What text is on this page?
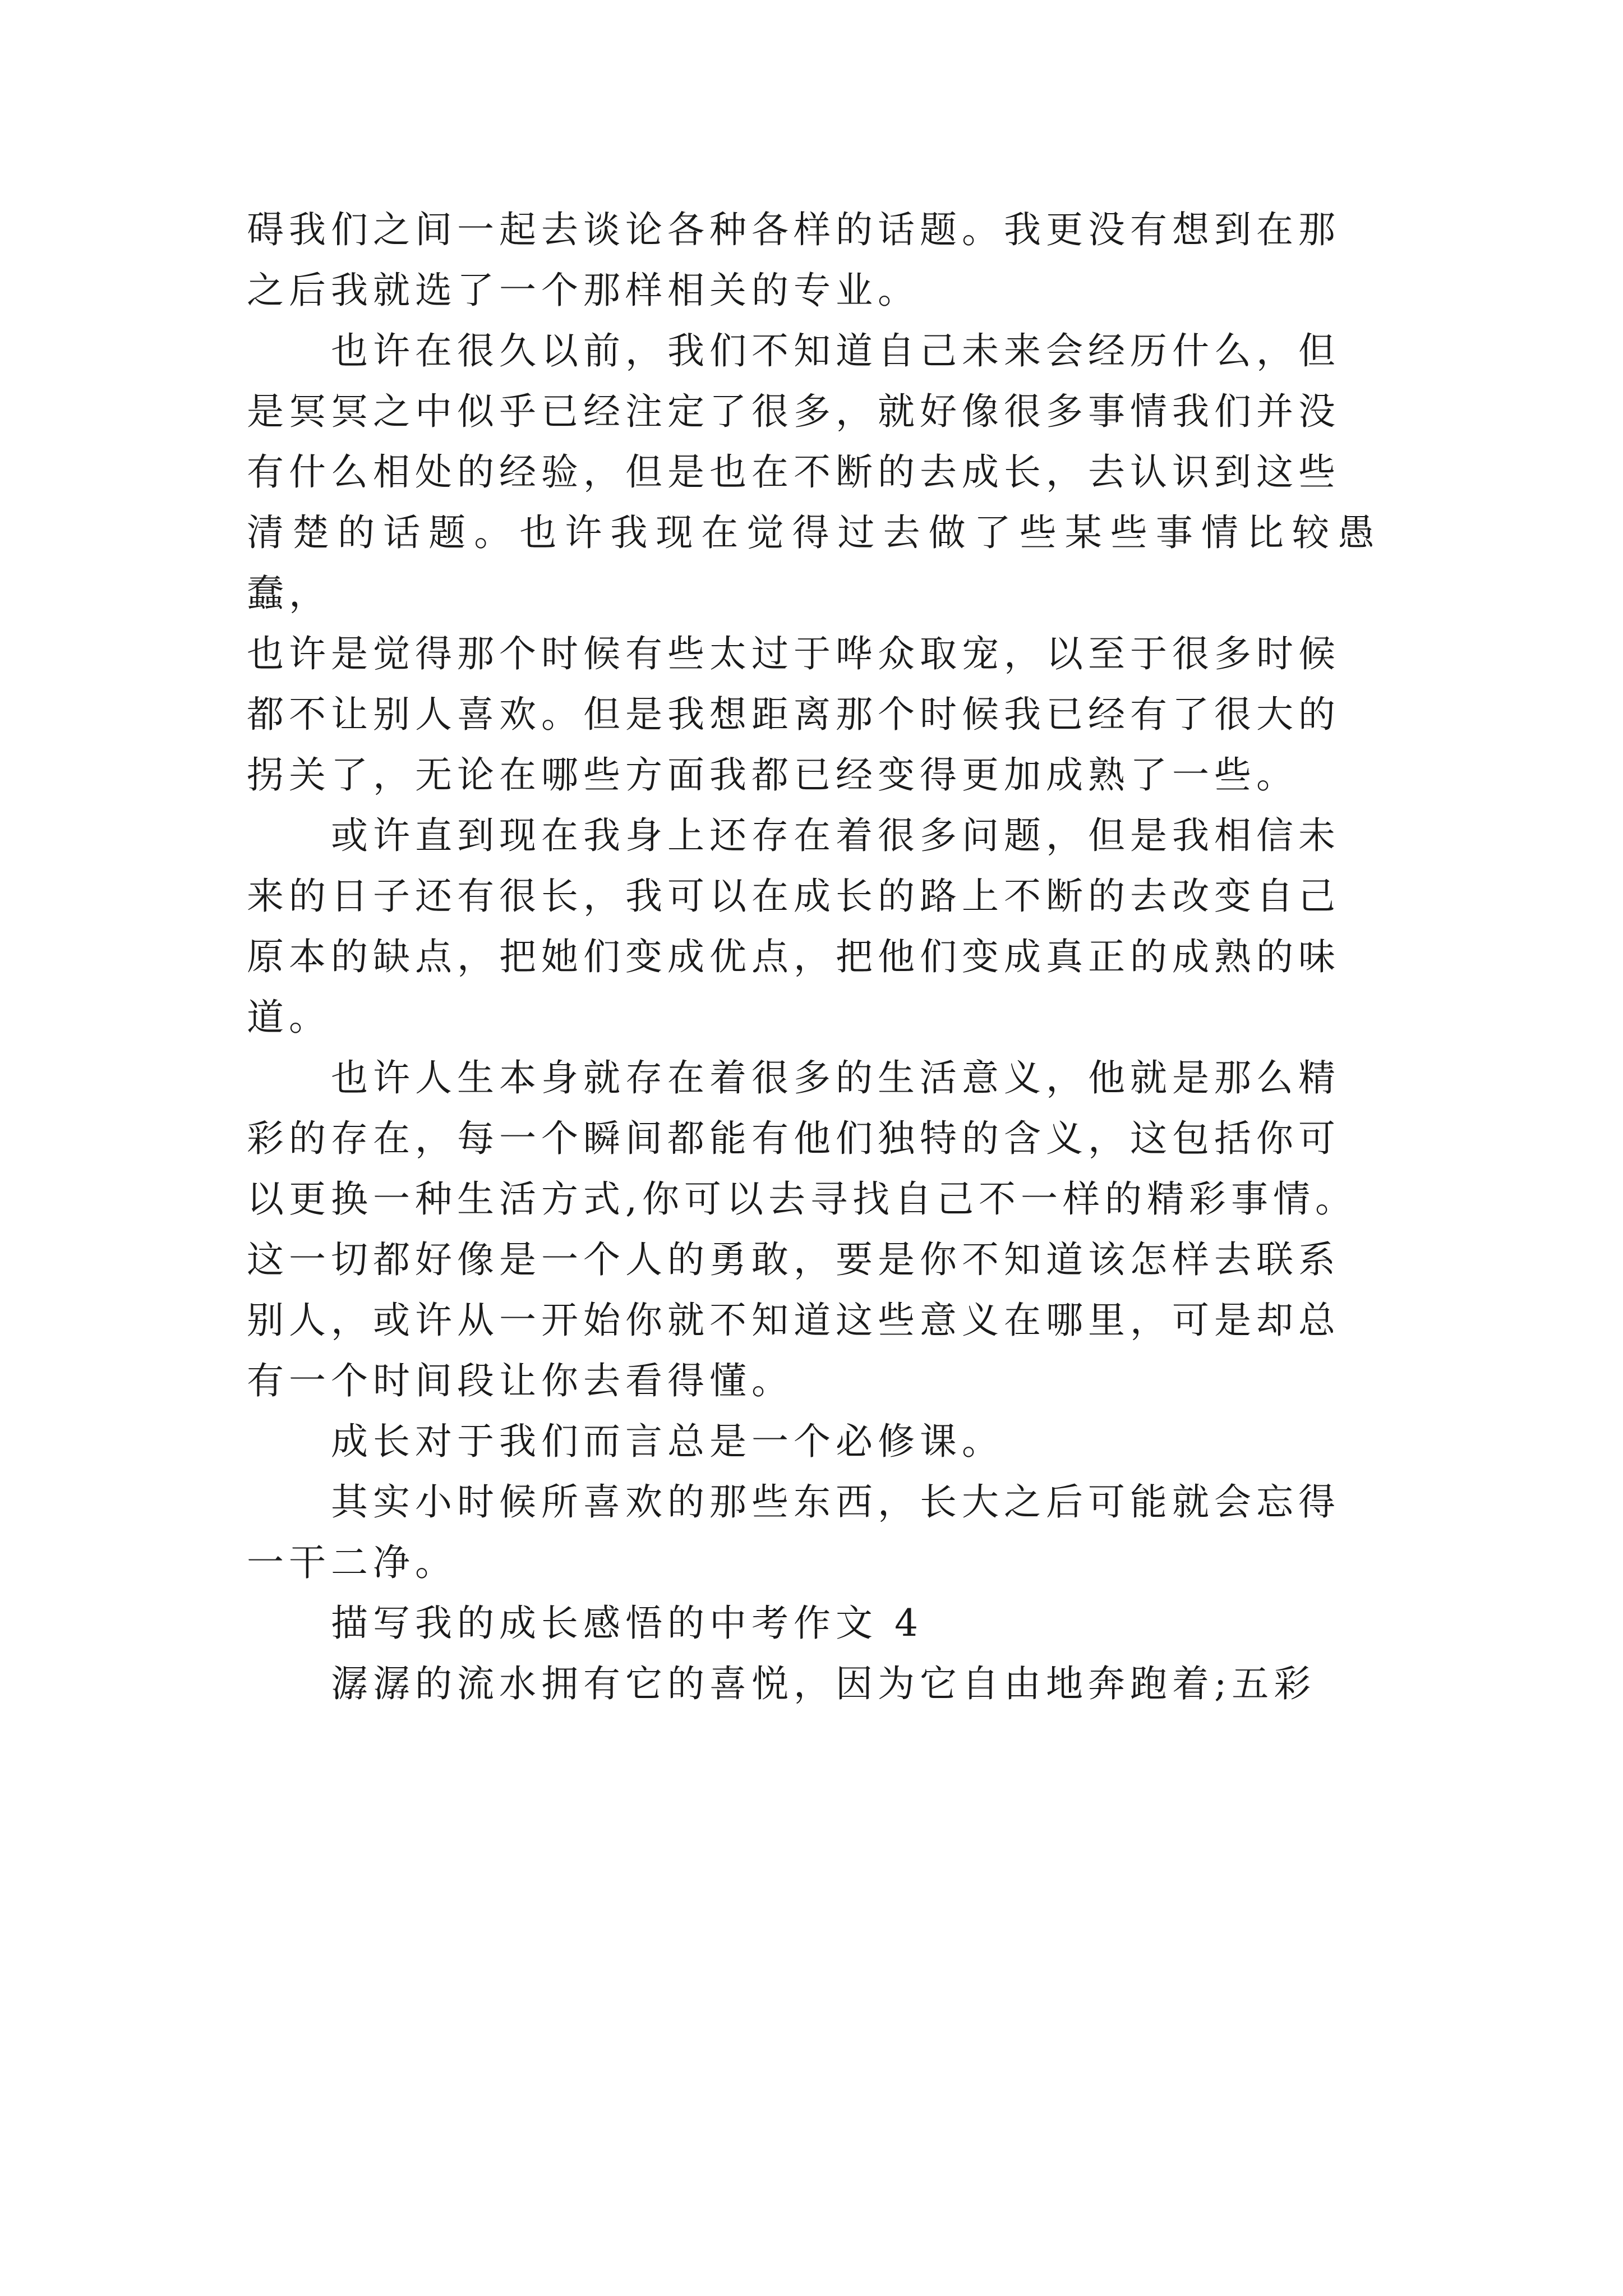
碍我们之间一起去谈论各种各样的话题。我更没有想到在那
之后我就选了一个那样相关的专业。

也许在很久以前，我们不知道自己未来会经历什么，但
是冥冥之中似乎已经注定了很多，就好像很多事情我们并没
有什么相处的经验，但是也在不断的去成长，去认识到这些
清楚的话题。也许我现在觉得过去做了些某些事情比较愚蠢，
也许是觉得那个时候有些太过于哗众取宠，以至于很多时候
都不让别人喜欢。但是我想距离那个时候我已经有了很大的
拐关了，无论在哪些方面我都已经变得更加成熟了一些。

或许直到现在我身上还存在着很多问题，但是我相信未
来的日子还有很长，我可以在成长的路上不断的去改变自己
原本的缺点，把她们变成优点，把他们变成真正的成熟的味
道。

也许人生本身就存在着很多的生活意义，他就是那么精
彩的存在，每一个瞬间都能有他们独特的含义，这包括你可
以更换一种生活方式,你可以去寻找自己不一样的精彩事情。
这一切都好像是一个人的勇敢，要是你不知道该怎样去联系
别人，或许从一开始你就不知道这些意义在哪里，可是却总
有一个时间段让你去看得懂。

成长对于我们而言总是一个必修课。

其实小时候所喜欢的那些东西，长大之后可能就会忘得
一干二净。

描写我的成长感悟的中考作文 4

潺潺的流水拥有它的喜悦，因为它自由地奔跑着;五彩
